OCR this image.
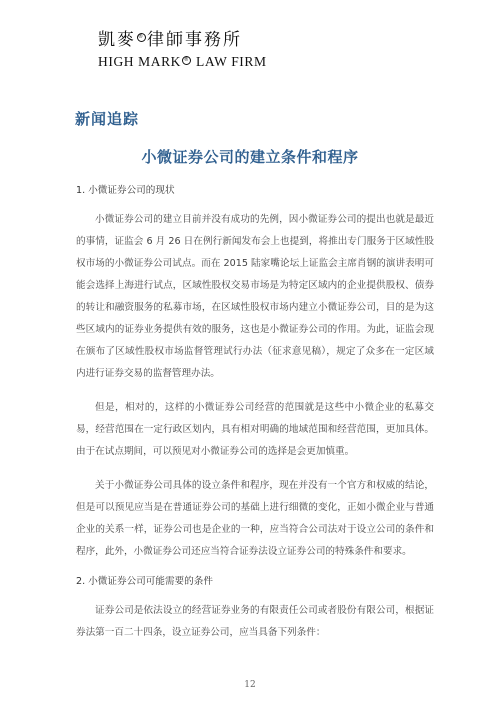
凱麥 ® 律師事務所
HIGH MARK ® LAW FIRM
新闻追踪
小微证券公司的建立条件和程序
1. 小微证券公司的现状

小微证券公司的建立目前并没有成功的先例，因小微证券公司的提出也就是最近的事情，证监会 6 月 26 日在例行新闻发布会上也提到，将推出专门服务于区域性股权市场的小微证券公司试点。而在 2015 陆家嘴论坛上证监会主席肖钢的演讲表明可能会选择上海进行试点，区域性股权交易市场是为特定区域内的企业提供股权、债券的转让和融资服务的私募市场，在区域性股权市场内建立小微证券公司，目的是为这些区域内的证券业务提供有效的服务，这也是小微证券公司的作用。为此，证监会现在颁布了区域性股权市场监督管理试行办法（征求意见稿），规定了众多在一定区域内进行证券交易的监督管理办法。

但是，相对的，这样的小微证券公司经营的范围就是这些中小微企业的私募交易，经营范围在一定行政区划内，具有相对明确的地域范围和经营范围，更加具体。由于在试点期间，可以预见对小微证券公司的选择是会更加慎重。

关于小微证券公司具体的设立条件和程序，现在并没有一个官方和权威的结论，但是可以预见应当是在普通证券公司的基础上进行细微的变化，正如小微企业与普通企业的关系一样，证券公司也是企业的一种，应当符合公司法对于设立公司的条件和程序，此外，小微证券公司还应当符合证券法设立证券公司的特殊条件和要求。

2. 小微证券公司可能需要的条件

证券公司是依法设立的经营证券业务的有限责任公司或者股份有限公司，根据证券法第一百二十四条，设立证券公司，应当具备下列条件：

12
